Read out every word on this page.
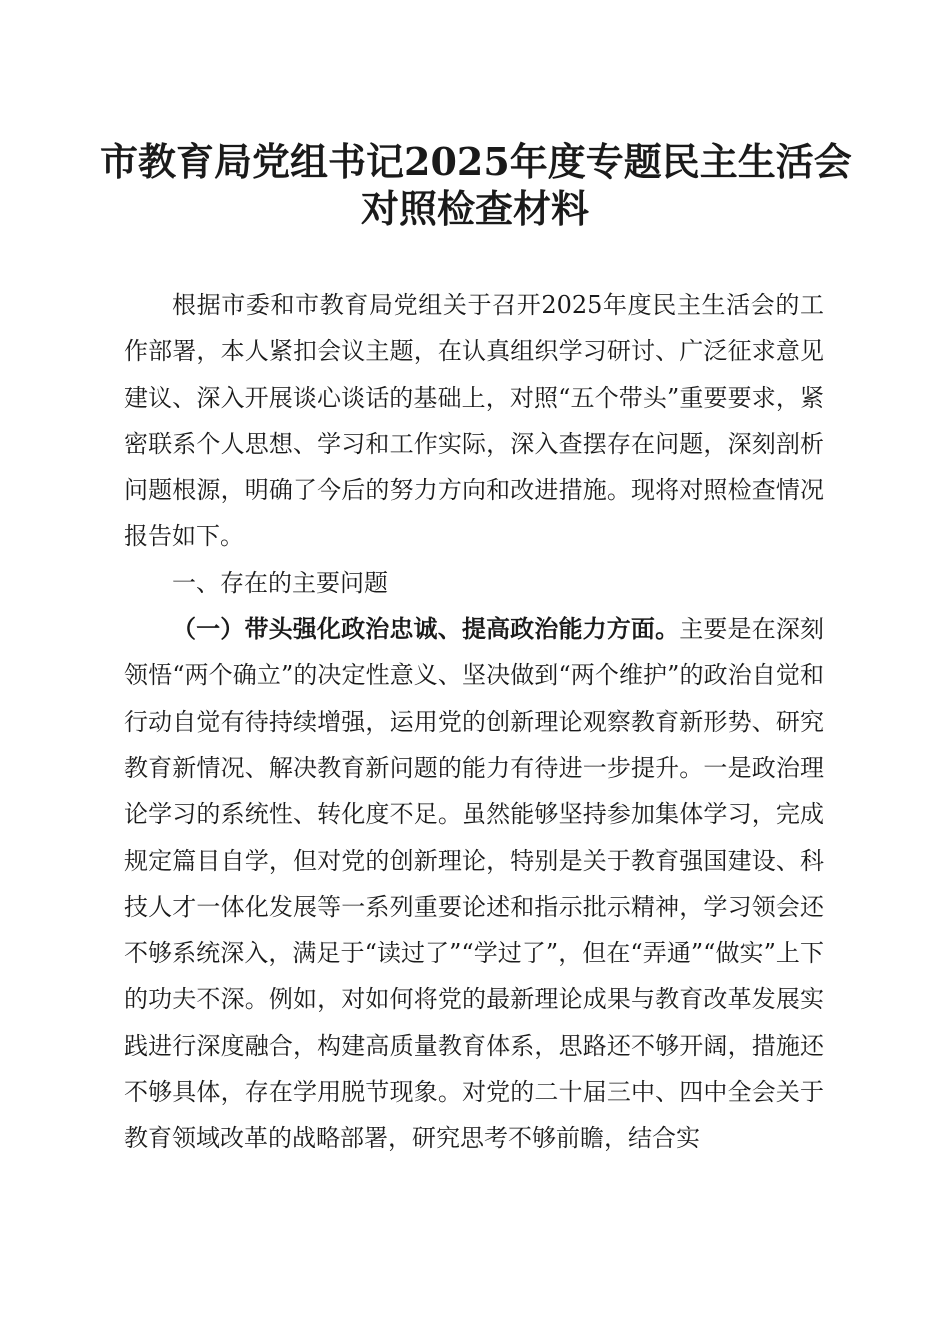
市教育局党组书记2025年度专题民主生活会
对照检查材料

根据市委和市教育局党组关于召开2025年度民主生活会的工作部署，本人紧扣会议主题，在认真组织学习研讨、广泛征求意见建议、深入开展谈心谈话的基础上，对照“五个带头”重要要求，紧密联系个人思想、学习和工作实际，深入查摆存在问题，深刻剖析问题根源，明确了今后的努力方向和改进措施。现将对照检查情况报告如下。

一、存在的主要问题

（一）带头强化政治忠诚、提高政治能力方面。主要是在深刻领悟“两个确立”的决定性意义、坚决做到“两个维护”的政治自觉和行动自觉有待持续增强，运用党的创新理论观察教育新形势、研究教育新情况、解决教育新问题的能力有待进一步提升。一是政治理论学习的系统性、转化度不足。虽然能够坚持参加集体学习，完成规定篇目自学，但对党的创新理论，特别是关于教育强国建设、科技人才一体化发展等一系列重要论述和指示批示精神，学习领会还不够系统深入，满足于“读过了”“学过了”，但在“弄通”“做实”上下的功夫不深。例如，对如何将党的最新理论成果与教育改革发展实践进行深度融合，构建高质量教育体系，思路还不够开阔，措施还不够具体，存在学用脱节现象。对党的二十届三中、四中全会关于教育领域改革的战略部署，研究思考不够前瞻，结合实
